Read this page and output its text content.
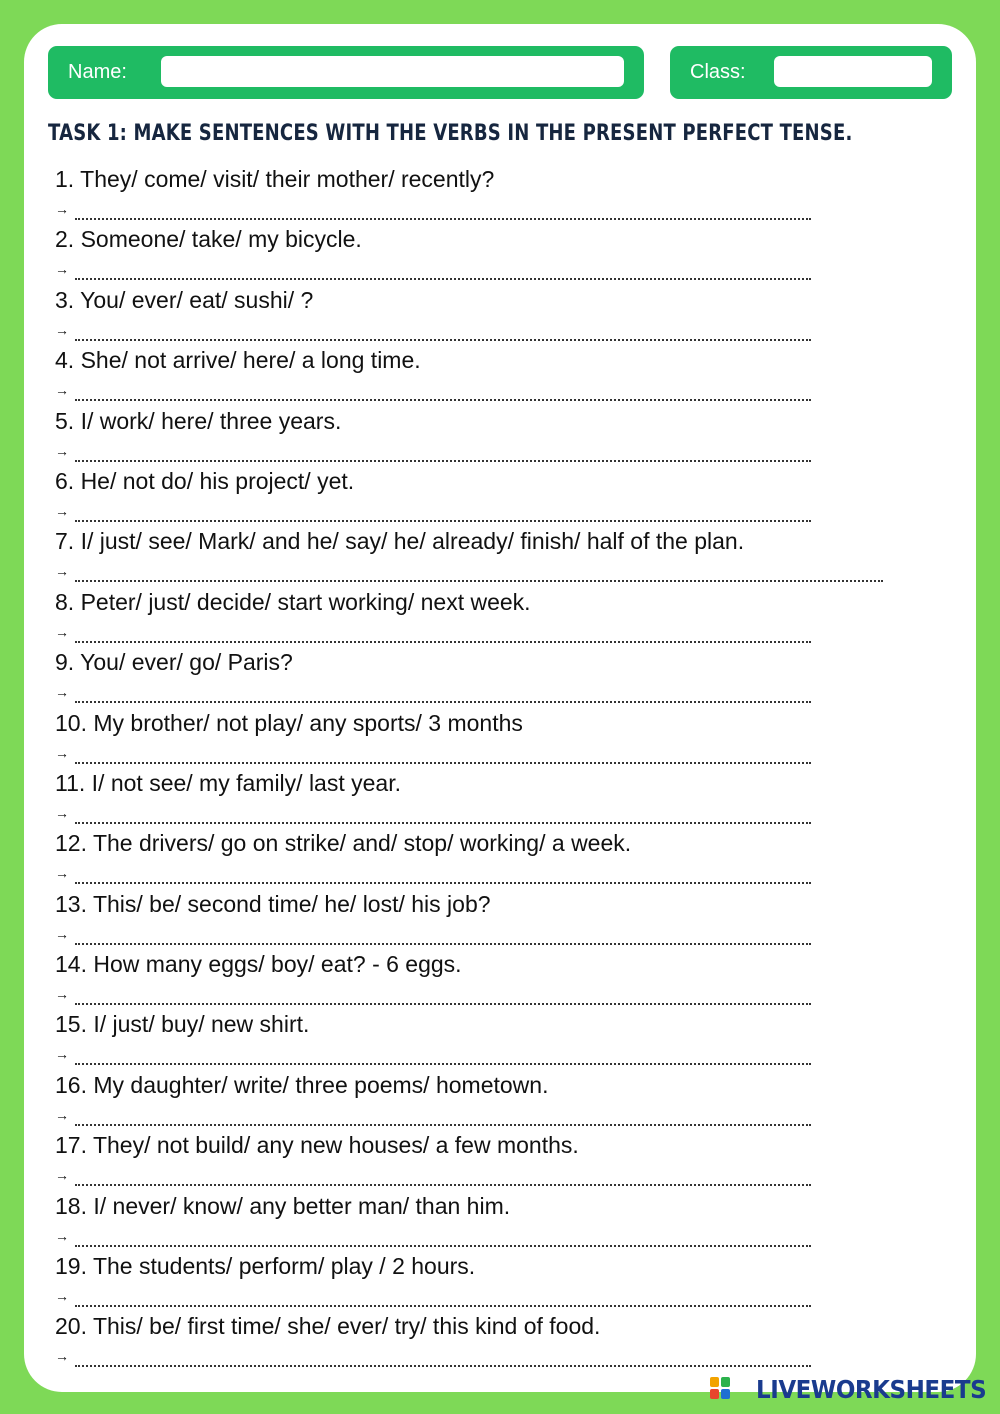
Name:	Class:
TASK 1: MAKE SENTENCES WITH THE VERBS IN THE PRESENT PERFECT TENSE.
1. They/ come/ visit/ their mother/ recently?
→
2. Someone/ take/ my bicycle.
→
3. You/ ever/ eat/ sushi/ ?
→
4. She/ not arrive/ here/ a long time.
→
5. I/ work/ here/ three years.
→
6. He/ not do/ his project/ yet.
→
7. I/ just/ see/ Mark/ and he/ say/ he/ already/ finish/ half of the plan.
→
8. Peter/ just/ decide/ start working/ next week.
→
9. You/ ever/ go/ Paris?
→
10. My brother/ not play/ any sports/ 3 months
→
11. I/ not see/ my family/ last year.
→
12. The drivers/ go on strike/ and/ stop/ working/ a week.
→
13. This/ be/ second time/ he/ lost/ his job?
→
14. How many eggs/ boy/ eat? - 6 eggs.
→
15. I/ just/ buy/ new shirt.
→
16. My daughter/ write/ three poems/ hometown.
→
17. They/ not build/ any new houses/ a few months.
→
18. I/ never/ know/ any better man/ than him.
→
19. The students/ perform/ play / 2 hours.
→
20. This/ be/ first time/ she/ ever/ try/ this kind of food.
→
LIVEWORKSHEETS
